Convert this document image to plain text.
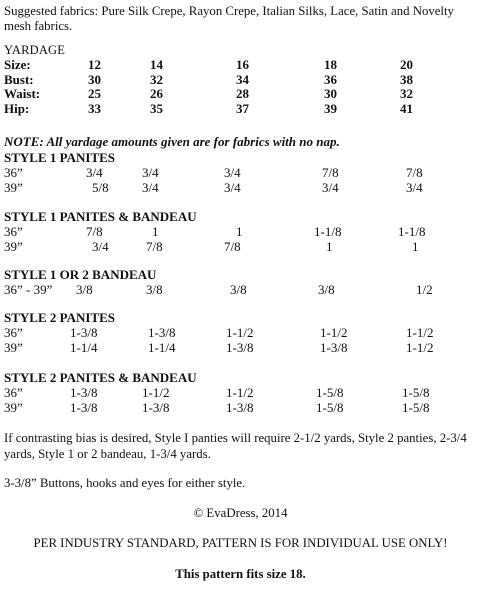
Suggested fabrics: Pure Silk Crepe, Rayon Crepe, Italian Silks, Lace, Satin and Novelty mesh fabrics.
YARDAGE
Size:	12	14	16	18	20
Bust:	30	32	34	36	38
Waist:	25	26	28	30	32
Hip:	33	35	37	39	41
NOTE: All yardage amounts given are for fabrics with no nap.
STYLE 1 PANITES
36”	3/4	3/4	3/4	7/8	7/8
39”	5/8	3/4	3/4	3/4	3/4
STYLE 1 PANITES & BANDEAU
36”	7/8	1	1	1-1/8	1-1/8
39”	3/4	7/8	7/8	1	1
STYLE 1 OR 2 BANDEAU
36” - 39”	3/8	3/8	3/8	3/8	1/2
STYLE 2 PANITES
36”	1-3/8	1-3/8	1-1/2	1-1/2	1-1/2
39”	1-1/4	1-1/4	1-3/8	1-3/8	1-1/2
STYLE 2 PANITES & BANDEAU
36”	1-3/8	1-1/2	1-1/2	1-5/8	1-5/8
39”	1-3/8	1-3/8	1-3/8	1-5/8	1-5/8
If contrasting bias is desired, Style I panties will require 2-1/2 yards, Style 2 panties, 2-3/4 yards, Style 1 or 2 bandeau, 1-3/4 yards.
3-3/8” Buttons, hooks and eyes for either style.
© EvaDress, 2014
PER INDUSTRY STANDARD, PATTERN IS FOR INDIVIDUAL USE ONLY!
This pattern fits size 18.
